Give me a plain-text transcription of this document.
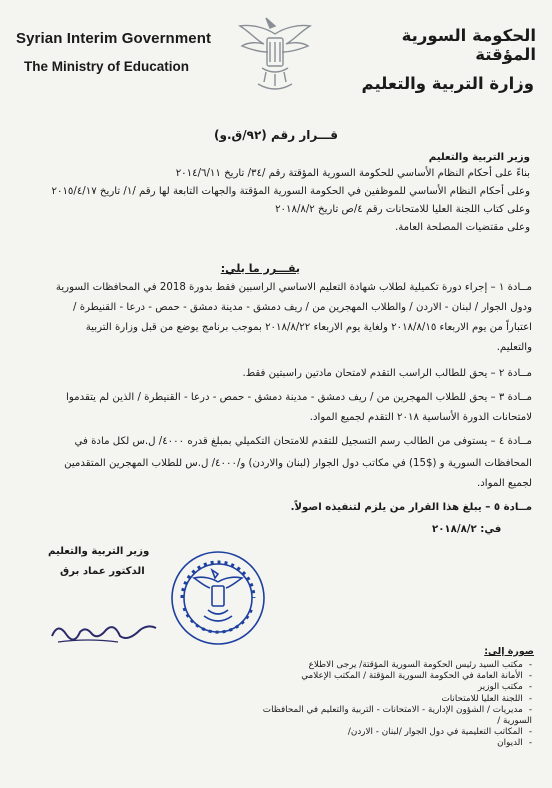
Syrian Interim Government
The Ministry of Education
الحكومة السورية المؤقتة
وزارة التربية والتعليم
قـــرار رقم (٩٢/ق.و)
وزير التربية والتعليم
بناءً على أحكام النظام الأساسي للحكومة السورية المؤقتة رقم /٣٤/ تاريخ ٢٠١٤/٦/١١
وعلى أحكام النظام الأساسي للموظفين في الحكومة السورية المؤقتة والجهات التابعة لها رقم /١/ تاريخ ٢٠١٥/٤/١٧
وعلى كتاب اللجنة العليا للامتحانات رقم ٤/ص تاريخ ٢٠١٨/٨/٢
وعلى مقتضيات المصلحة العامة.
يقـــرر ما يلي:
مــادة ١ – إجراء دورة تكميلية لطلاب شهادة التعليم الاساسي الراسبين فقط بدورة 2018 في المحافظات السورية
ودول الجوار / لبنان - الاردن / والطلاب المهجرين من / ريف دمشق - مدينة دمشق - حمص - درعا - القنيطرة /
اعتباراً من يوم الاربعاء ٢٠١٨/٨/١٥ ولغاية يوم الاربعاء ٢٠١٨/٨/٢٢ بموجب برنامج يوضع من قبل وزارة التربية
والتعليم.
مــادة ٢ – يحق للطالب الراسب التقدم لامتحان مادتين راسبتين فقط.
مــادة ٣ – يحق للطلاب المهجرين من / ريف دمشق - مدينة دمشق - حمص - درعا - القنيطرة / الذين لم يتقدموا
لامتحانات الدورة الأساسية ٢٠١٨ التقدم لجميع المواد.
مــادة ٤ – يستوفى من الطالب رسم التسجيل للتقدم للامتحان التكميلي بمبلغ قدره ٤٠٠٠/ ل.س لكل مادة في
المحافظات السورية و ($15) في مكاتب دول الجوار (لبنان والاردن) و/٤٠٠٠/ ل.س للطلاب المهجرين المتقدمين
لجميع المواد.
مــادة ٥ – يبلغ هذا القرار من يلزم لتنفيذه اصولاً.
في: ٢٠١٨/٨/٢
وزير التربية والتعليم
الدكتور عماد برق
صورة إلى:
- مكتب السيد رئيس الحكومة السورية المؤقتة/ يرجى الاطلاع
- الأمانة العامة في الحكومة السورية المؤقتة / المكتب الإعلامي
- مكتب الوزير
- اللجنة العليا للامتحانات
- مديريات / الشؤون الإدارية - الامتحانات - التربية والتعليم في المحافظات السورية /
- المكاتب التعليمية في دول الجوار /لبنان - الاردن/
- الديوان
